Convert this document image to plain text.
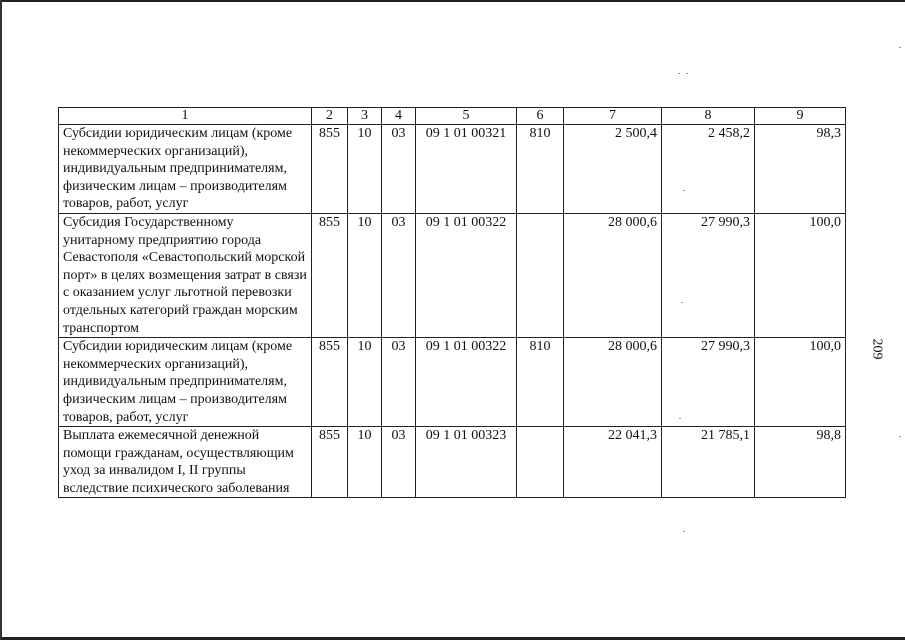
1	2	3	4	5	6	7	8	9
Субсидии юридическим лицам (кроме некоммерческих организаций), индивидуальным предпринимателям, физическим лицам – производителям товаров, работ, услуг	855	10	03	09 1 01 00321	810	2 500,4	2 458,2	98,3
Субсидия Государственному унитарному предприятию города Севастополя «Севастопольский морской порт» в целях возмещения затрат в связи с оказанием услуг льготной перевозки отдельных категорий граждан морским транспортом	855	10	03	09 1 01 00322		28 000,6	27 990,3	100,0
Субсидии юридическим лицам (кроме некоммерческих организаций), индивидуальным предпринимателям, физическим лицам – производителям товаров, работ, услуг	855	10	03	09 1 01 00322	810	28 000,6	27 990,3	100,0
Выплата ежемесячной денежной помощи гражданам, осуществляющим уход за инвалидом I, II группы вследствие психического заболевания	855	10	03	09 1 01 00323		22 041,3	21 785,1	98,8
209
